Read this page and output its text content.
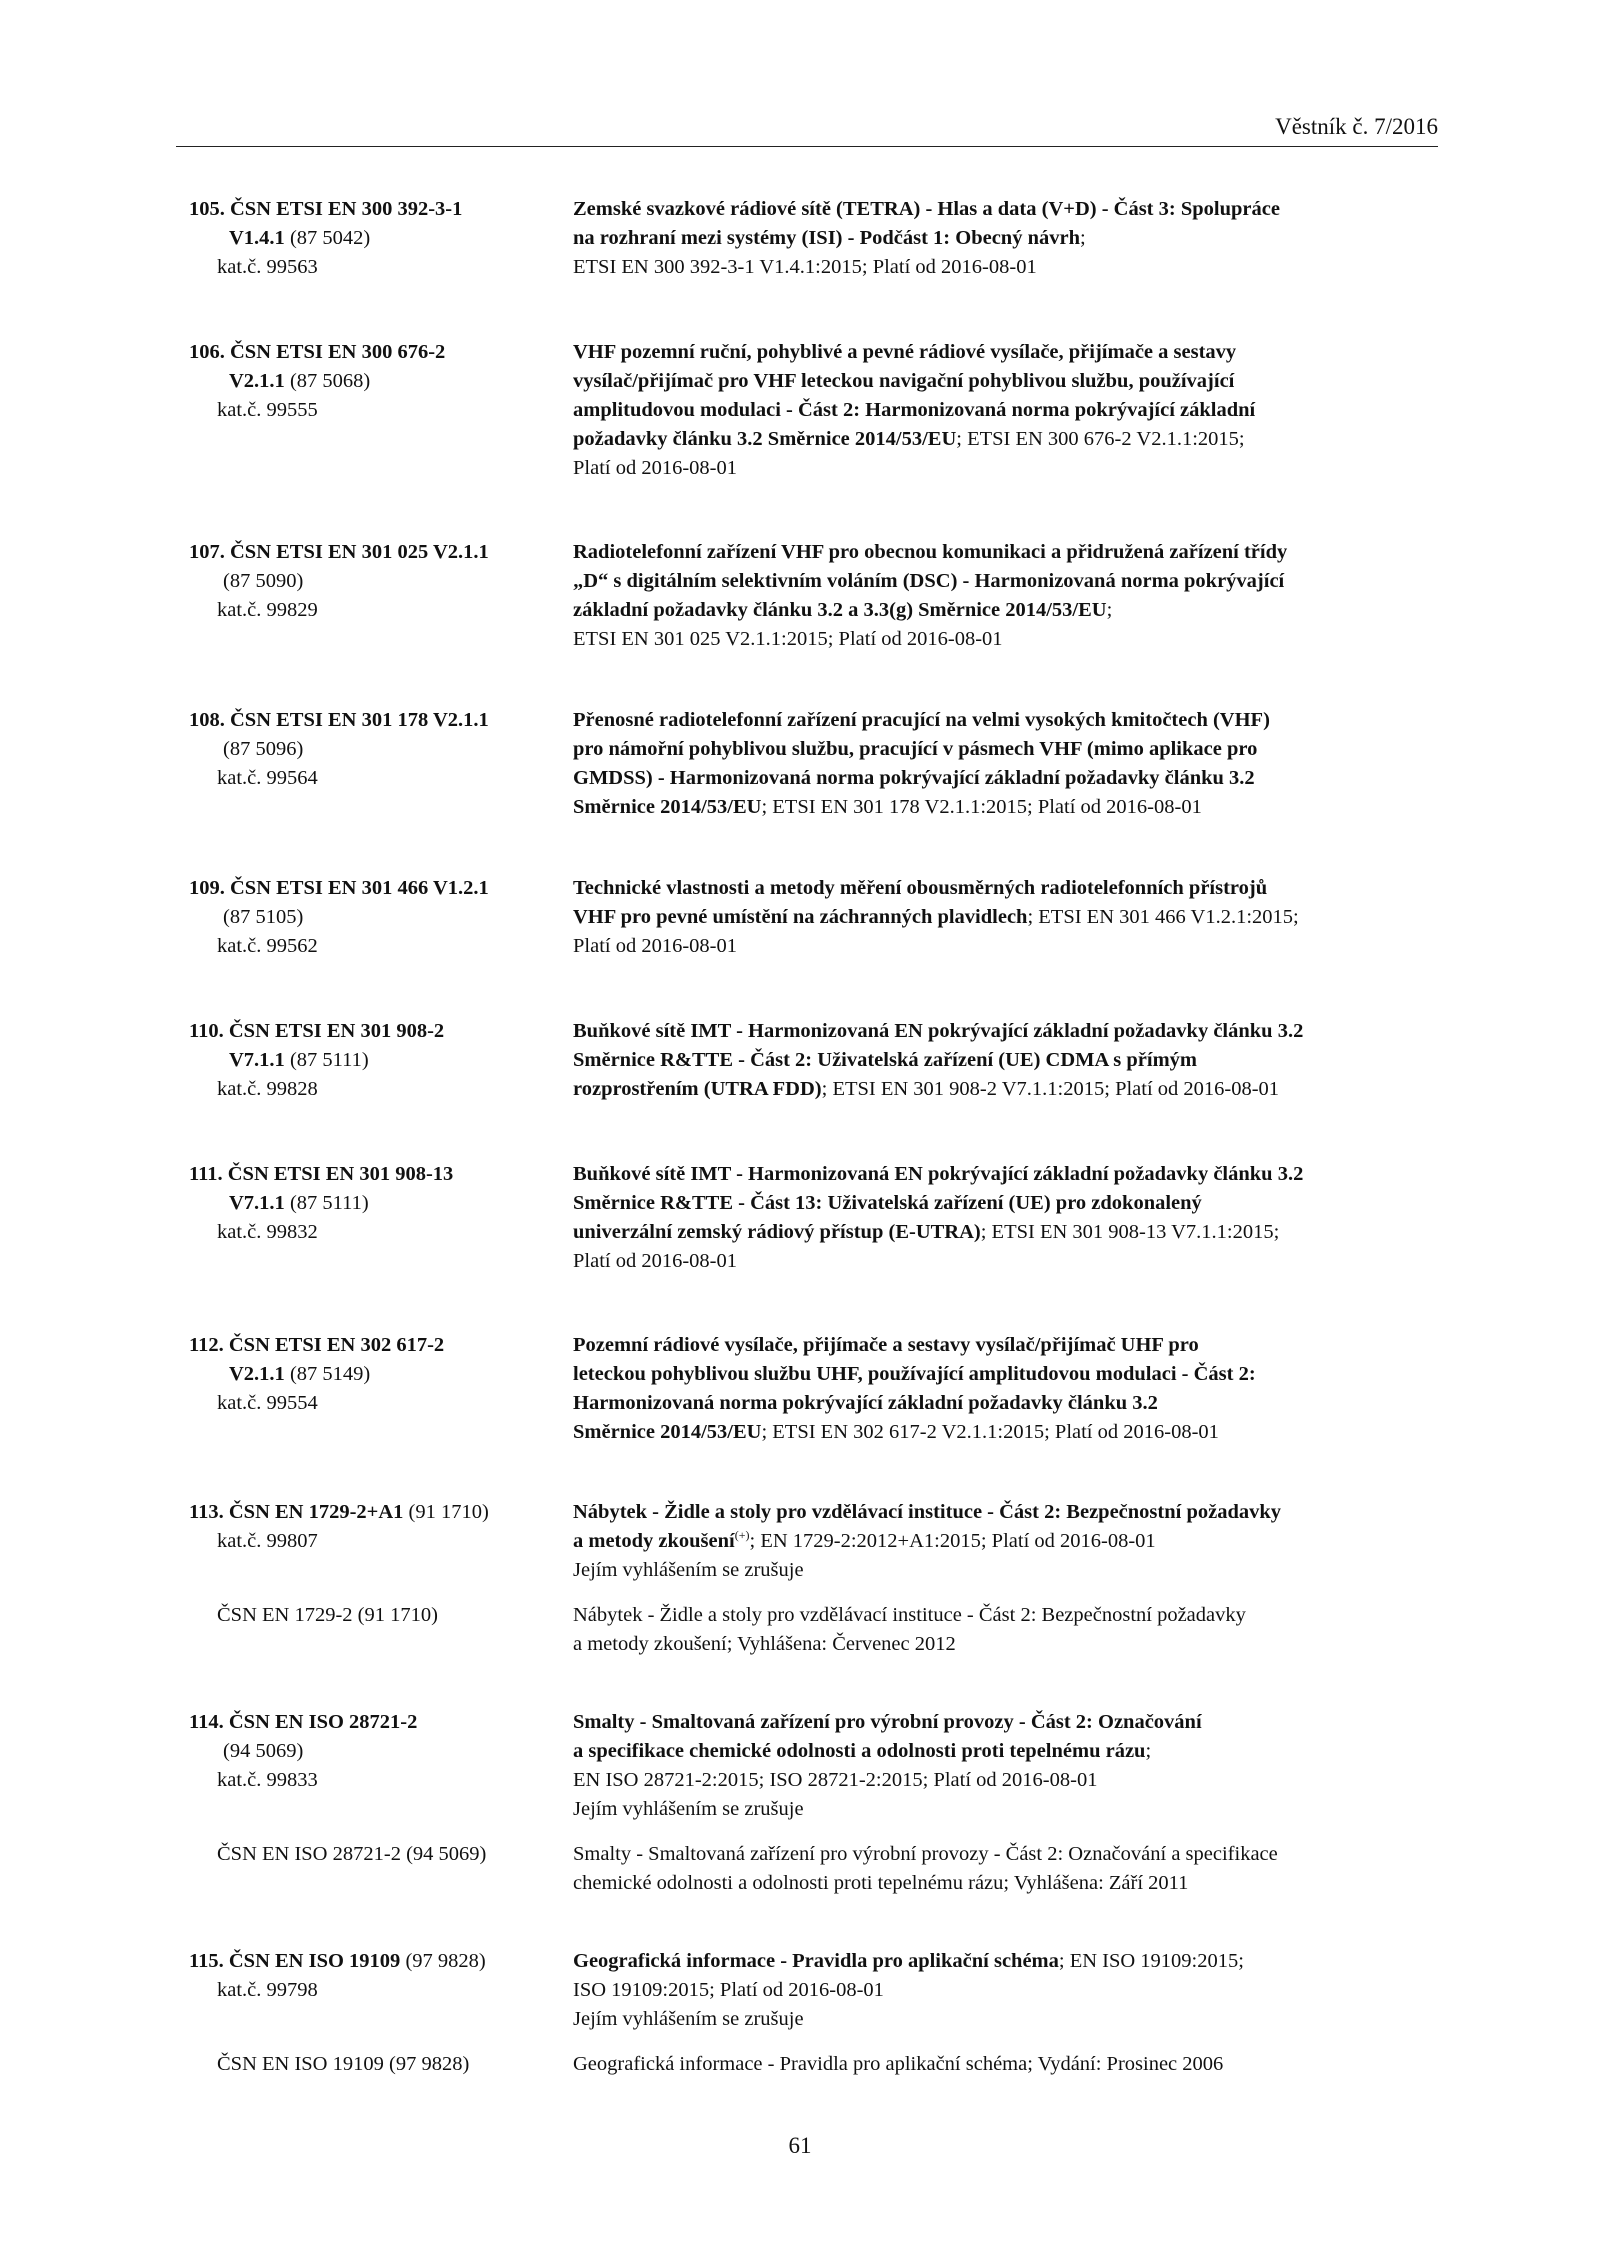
Věstník č. 7/2016
105. ČSN ETSI EN 300 392-3-1	Zemské svazkové rádiové sítě (TETRA) - Hlas a data (V+D) - Část 3: Spolupráce
V1.4.1 (87 5042)	na rozhraní mezi systémy (ISI) - Podčást 1: Obecný návrh;
kat.č. 99563	ETSI EN 300 392-3-1 V1.4.1:2015; Platí od 2016-08-01
106. ČSN ETSI EN 300 676-2	VHF pozemní ruční, pohyblivé a pevné rádiové vysílače, přijímače a sestavy
V2.1.1 (87 5068)	vysílač/přijímač pro VHF leteckou navigační pohyblivou službu, používající
kat.č. 99555	amplitudovou modulaci - Část 2: Harmonizovaná norma pokrývající základní
požadavky článku 3.2 Směrnice 2014/53/EU; ETSI EN 300 676-2 V2.1.1:2015;
Platí od 2016-08-01
107. ČSN ETSI EN 301 025 V2.1.1	Radiotelefonní zařízení VHF pro obecnou komunikaci a přidružená zařízení třídy
(87 5090)	„D“ s digitálním selektivním voláním (DSC) - Harmonizovaná norma pokrývající
kat.č. 99829	základní požadavky článku 3.2 a 3.3(g) Směrnice 2014/53/EU;
ETSI EN 301 025 V2.1.1:2015; Platí od 2016-08-01
108. ČSN ETSI EN 301 178 V2.1.1	Přenosné radiotelefonní zařízení pracující na velmi vysokých kmitočtech (VHF)
(87 5096)	pro námořní pohyblivou službu, pracující v pásmech VHF (mimo aplikace pro
kat.č. 99564	GMDSS) - Harmonizovaná norma pokrývající základní požadavky článku 3.2
Směrnice 2014/53/EU; ETSI EN 301 178 V2.1.1:2015; Platí od 2016-08-01
109. ČSN ETSI EN 301 466 V1.2.1	Technické vlastnosti a metody měření obousměrných radiotelefonních přístrojů
(87 5105)	VHF pro pevné umístění na záchranných plavidlech; ETSI EN 301 466 V1.2.1:2015;
kat.č. 99562	Platí od 2016-08-01
110. ČSN ETSI EN 301 908-2	Buňkové sítě IMT - Harmonizovaná EN pokrývající základní požadavky článku 3.2
V7.1.1 (87 5111)	Směrnice R&TTE - Část 2: Uživatelská zařízení (UE) CDMA s přímým
kat.č. 99828	rozprostřením (UTRA FDD); ETSI EN 301 908-2 V7.1.1:2015; Platí od 2016-08-01
111. ČSN ETSI EN 301 908-13	Buňkové sítě IMT - Harmonizovaná EN pokrývající základní požadavky článku 3.2
V7.1.1 (87 5111)	Směrnice R&TTE - Část 13: Uživatelská zařízení (UE) pro zdokonalený
kat.č. 99832	univerzální zemský rádiový přístup (E-UTRA); ETSI EN 301 908-13 V7.1.1:2015;
Platí od 2016-08-01
112. ČSN ETSI EN 302 617-2	Pozemní rádiové vysílače, přijímače a sestavy vysílač/přijímač UHF pro
V2.1.1 (87 5149)	leteckou pohyblivou službu UHF, používající amplitudovou modulaci - Část 2:
kat.č. 99554	Harmonizovaná norma pokrývající základní požadavky článku 3.2
Směrnice 2014/53/EU; ETSI EN 302 617-2 V2.1.1:2015; Platí od 2016-08-01
113. ČSN EN 1729-2+A1 (91 1710)	Nábytek - Židle a stoly pro vzdělávací instituce - Část 2: Bezpečnostní požadavky
kat.č. 99807	a metody zkoušení(+); EN 1729-2:2012+A1:2015; Platí od 2016-08-01
Jejím vyhlášením se zrušuje
ČSN EN 1729-2 (91 1710)	Nábytek - Židle a stoly pro vzdělávací instituce - Část 2: Bezpečnostní požadavky
a metody zkoušení; Vyhlášena: Červenec 2012
114. ČSN EN ISO 28721-2	Smalty - Smaltovaná zařízení pro výrobní provozy - Část 2: Označování
(94 5069)	a specifikace chemické odolnosti a odolnosti proti tepelnému rázu;
kat.č. 99833	EN ISO 28721-2:2015; ISO 28721-2:2015; Platí od 2016-08-01
Jejím vyhlášením se zrušuje
ČSN EN ISO 28721-2 (94 5069)	Smalty - Smaltovaná zařízení pro výrobní provozy - Část 2: Označování a specifikace
chemické odolnosti a odolnosti proti tepelnému rázu; Vyhlášena: Září 2011
115. ČSN EN ISO 19109 (97 9828)	Geografická informace - Pravidla pro aplikační schéma; EN ISO 19109:2015;
kat.č. 99798	ISO 19109:2015; Platí od 2016-08-01
Jejím vyhlášením se zrušuje
ČSN EN ISO 19109 (97 9828)	Geografická informace - Pravidla pro aplikační schéma; Vydání: Prosinec 2006
61
